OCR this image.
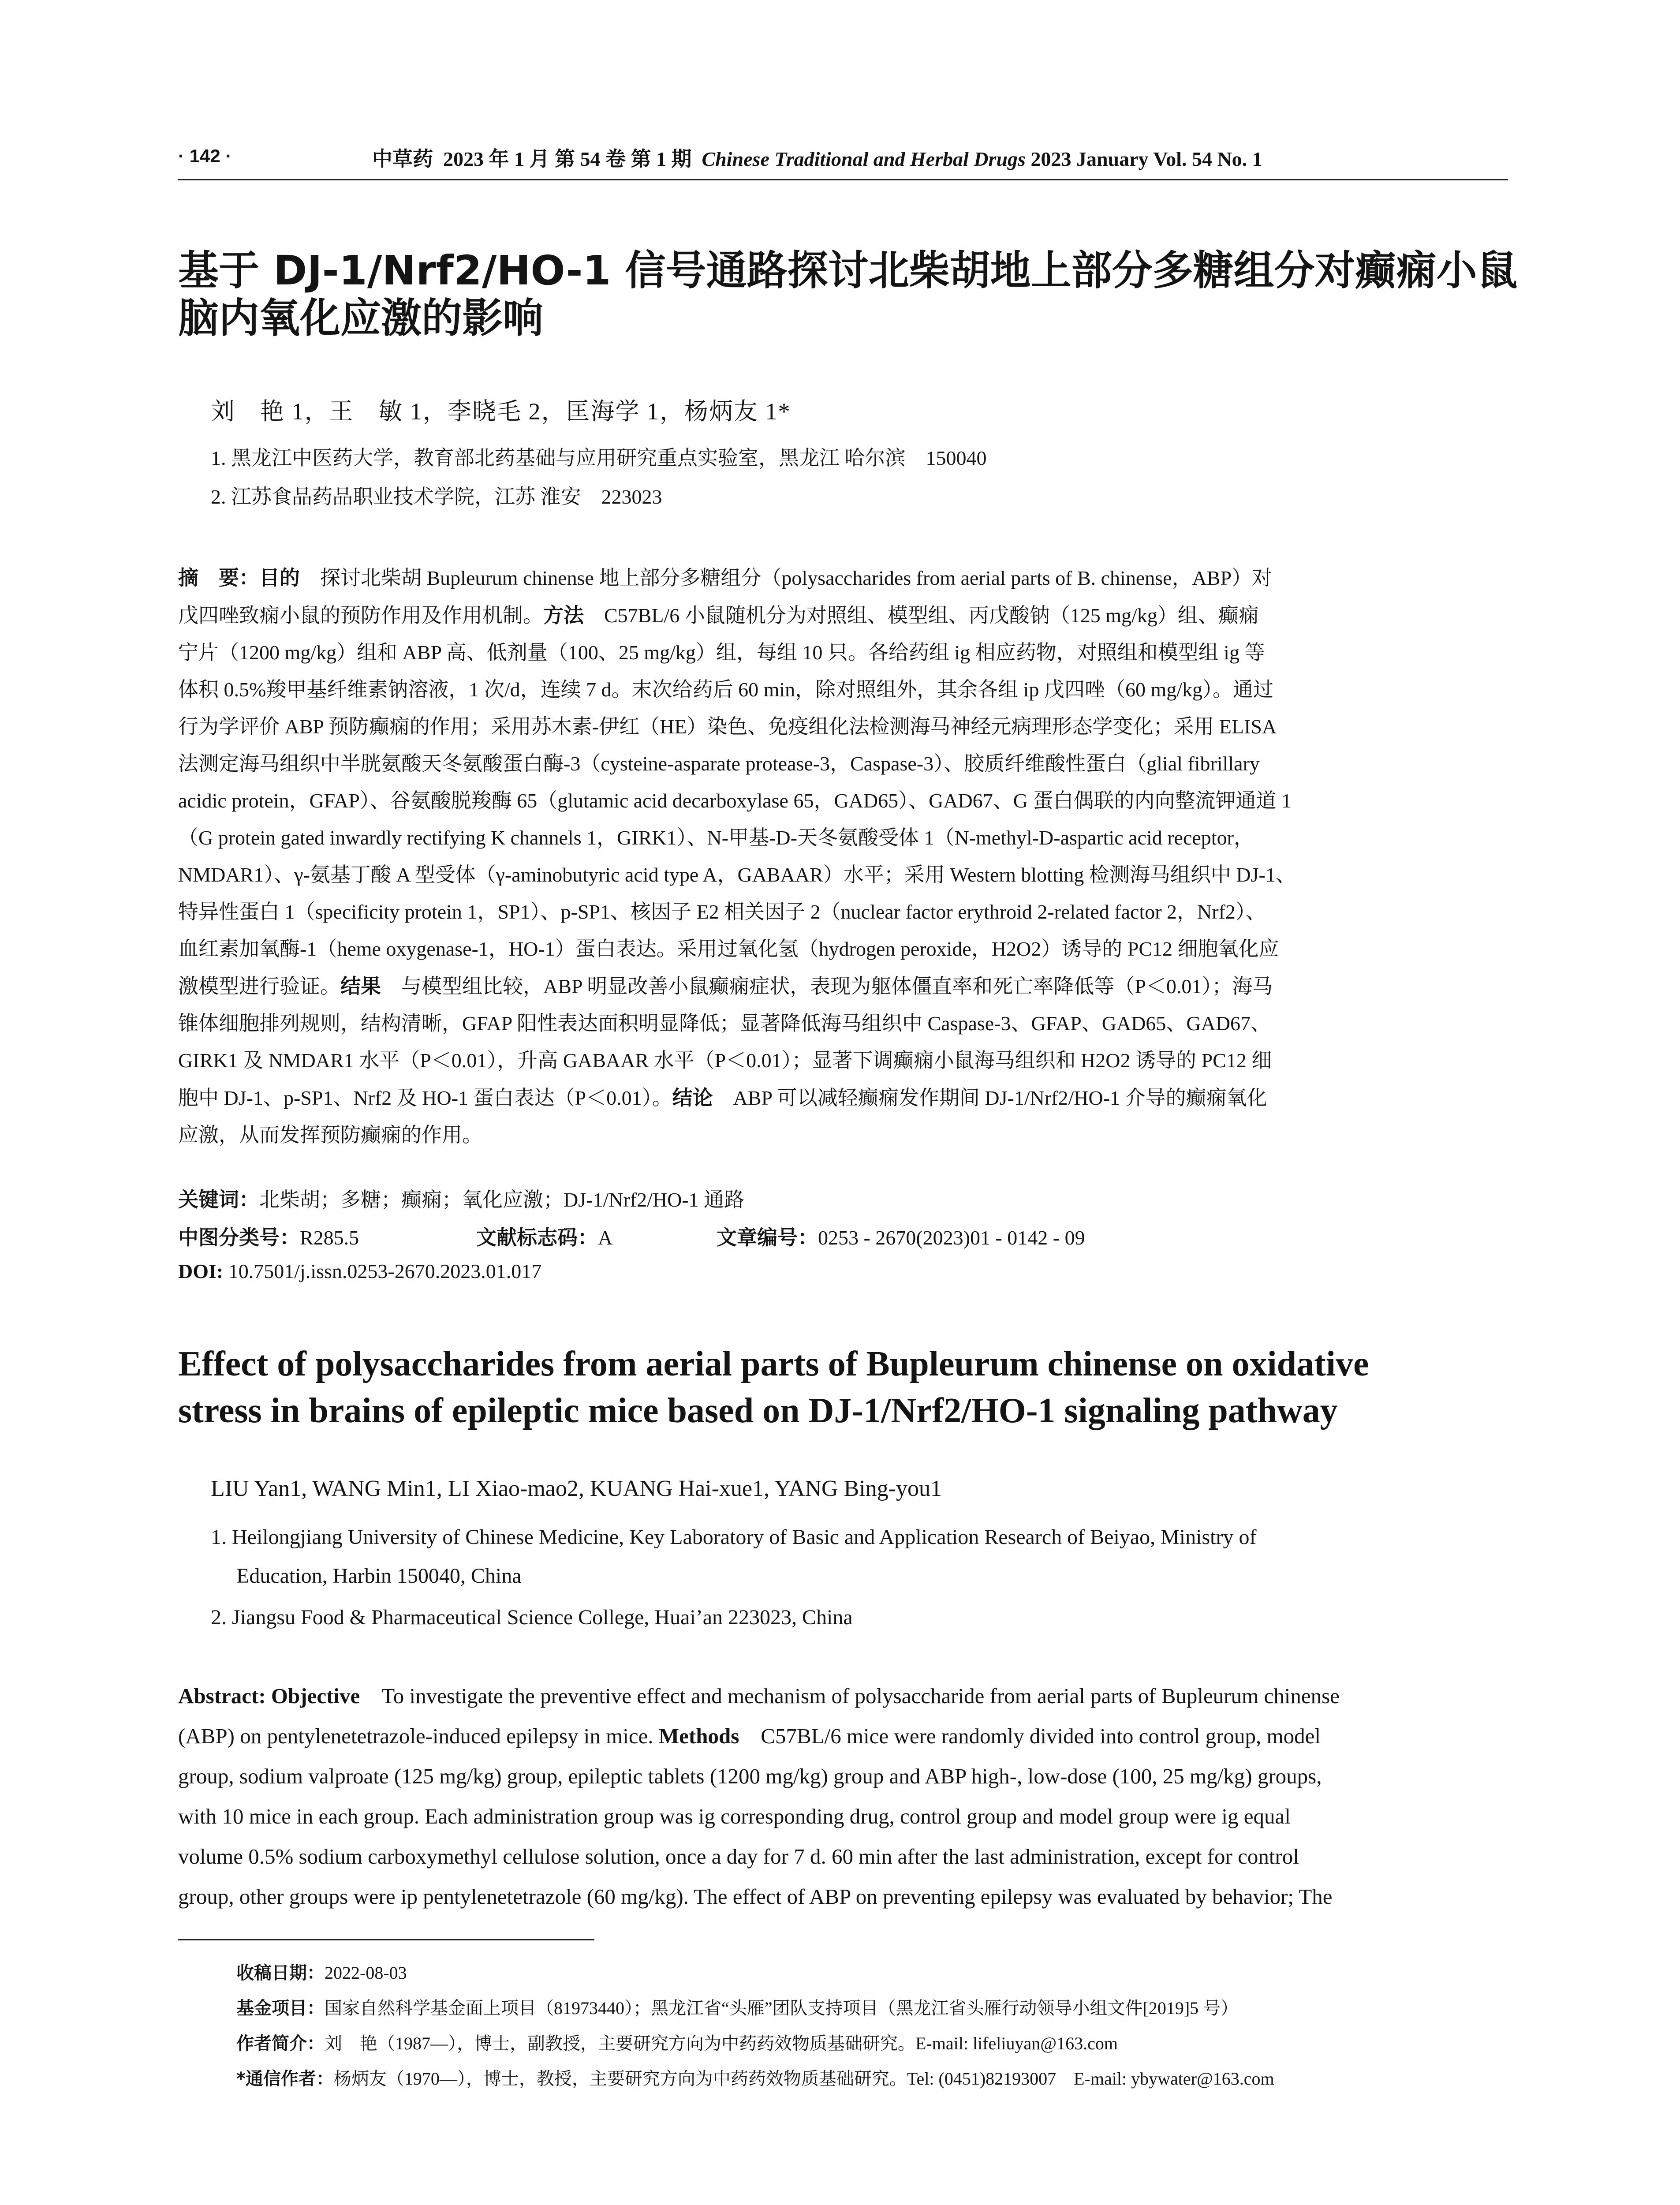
· 142 ·	中草药 2023 年 1 月 第 54 卷 第 1 期 Chinese Traditional and Herbal Drugs 2023 January Vol. 54 No. 1
基于 DJ-1/Nrf2/HO-1 信号通路探讨北柴胡地上部分多糖组分对癫痫小鼠
脑内氧化应激的影响
刘　艳 1，王　敏 1，李晓毛 2，匡海学 1，杨炳友 1*
1. 黑龙江中医药大学，教育部北药基础与应用研究重点实验室，黑龙江 哈尔滨　150040
2. 江苏食品药品职业技术学院，江苏 淮安　223023
摘　要：目的　探讨北柴胡 Bupleurum chinense 地上部分多糖组分（polysaccharides from aerial parts of B. chinense，ABP）对
戊四唑致痫小鼠的预防作用及作用机制。方法　C57BL/6 小鼠随机分为对照组、模型组、丙戊酸钠（125 mg/kg）组、癫痫
宁片（1200 mg/kg）组和 ABP 高、低剂量（100、25 mg/kg）组，每组 10 只。各给药组 ig 相应药物，对照组和模型组 ig 等
体积 0.5%羧甲基纤维素钠溶液，1 次/d，连续 7 d。末次给药后 60 min，除对照组外，其余各组 ip 戊四唑（60 mg/kg）。通过
行为学评价 ABP 预防癫痫的作用；采用苏木素-伊红（HE）染色、免疫组化法检测海马神经元病理形态学变化；采用 ELISA
法测定海马组织中半胱氨酸天冬氨酸蛋白酶-3（cysteine-asparate protease-3，Caspase-3）、胶质纤维酸性蛋白（glial fibrillary
acidic protein，GFAP）、谷氨酸脱羧酶 65（glutamic acid decarboxylase 65，GAD65）、GAD67、G 蛋白偶联的内向整流钾通道 1
（G protein gated inwardly rectifying K channels 1，GIRK1）、N-甲基-D-天冬氨酸受体 1（N-methyl-D-aspartic acid receptor，
NMDAR1）、γ-氨基丁酸 A 型受体（γ-aminobutyric acid type A，GABAAR）水平；采用 Western blotting 检测海马组织中 DJ-1、
特异性蛋白 1（specificity protein 1，SP1）、p-SP1、核因子 E2 相关因子 2（nuclear factor erythroid 2-related factor 2，Nrf2）、
血红素加氧酶-1（heme oxygenase-1，HO-1）蛋白表达。采用过氧化氢（hydrogen peroxide，H2O2）诱导的 PC12 细胞氧化应
激模型进行验证。结果　与模型组比较，ABP 明显改善小鼠癫痫症状，表现为躯体僵直率和死亡率降低等（P＜0.01）；海马
锥体细胞排列规则，结构清晰，GFAP 阳性表达面积明显降低；显著降低海马组织中 Caspase-3、GFAP、GAD65、GAD67、
GIRK1 及 NMDAR1 水平（P＜0.01），升高 GABAAR 水平（P＜0.01）；显著下调癫痫小鼠海马组织和 H2O2 诱导的 PC12 细
胞中 DJ-1、p-SP1、Nrf2 及 HO-1 蛋白表达（P＜0.01）。结论　ABP 可以减轻癫痫发作期间 DJ-1/Nrf2/HO-1 介导的癫痫氧化
应激，从而发挥预防癫痫的作用。
关键词：北柴胡；多糖；癫痫；氧化应激；DJ-1/Nrf2/HO-1 通路
中图分类号：R285.5	文献标志码：A	文章编号：0253 - 2670(2023)01 - 0142 - 09
DOI: 10.7501/j.issn.0253-2670.2023.01.017
Effect of polysaccharides from aerial parts of Bupleurum chinense on oxidative
stress in brains of epileptic mice based on DJ-1/Nrf2/HO-1 signaling pathway
LIU Yan1, WANG Min1, LI Xiao-mao2, KUANG Hai-xue1, YANG Bing-you1
1. Heilongjiang University of Chinese Medicine, Key Laboratory of Basic and Application Research of Beiyao, Ministry of
Education, Harbin 150040, China
2. Jiangsu Food & Pharmaceutical Science College, Huai’an 223023, China
Abstract: Objective　To investigate the preventive effect and mechanism of polysaccharide from aerial parts of Bupleurum chinense
(ABP) on pentylenetetrazole-induced epilepsy in mice. Methods　C57BL/6 mice were randomly divided into control group, model
group, sodium valproate (125 mg/kg) group, epileptic tablets (1200 mg/kg) group and ABP high-, low-dose (100, 25 mg/kg) groups,
with 10 mice in each group. Each administration group was ig corresponding drug, control group and model group were ig equal
volume 0.5% sodium carboxymethyl cellulose solution, once a day for 7 d. 60 min after the last administration, except for control
group, other groups were ip pentylenetetrazole (60 mg/kg). The effect of ABP on preventing epilepsy was evaluated by behavior; The
收稿日期：2022-08-03
基金项目：国家自然科学基金面上项目（81973440）；黑龙江省“头雁”团队支持项目（黑龙江省头雁行动领导小组文件[2019]5 号）
作者简介：刘　艳（1987—），博士，副教授，主要研究方向为中药药效物质基础研究。E-mail: lifeliuyan@163.com
*通信作者：杨炳友（1970—），博士，教授，主要研究方向为中药药效物质基础研究。Tel: (0451)82193007　E-mail: ybywater@163.com
